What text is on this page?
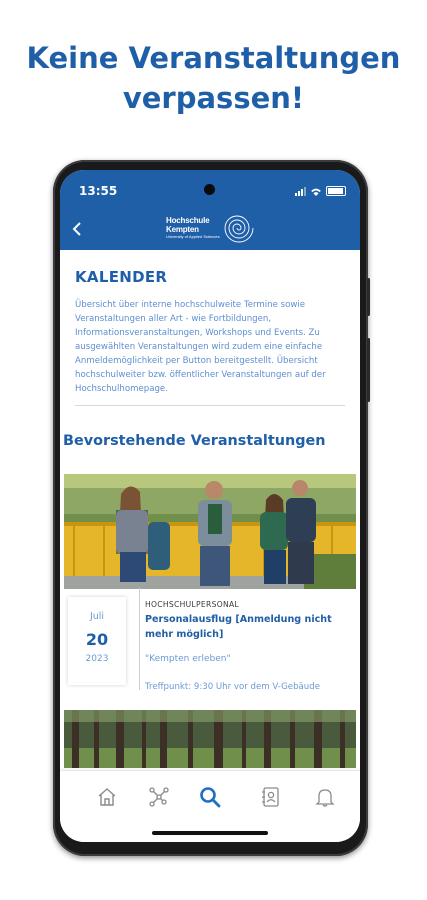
Keine Veranstaltungen
verpassen!
13:55
Hochschule
Kempten
University of Applied Sciences
KALENDER
Übersicht über interne hochschulweite Termine sowie Veranstaltungen aller Art - wie Fortbildungen, Informationsveranstaltungen, Workshops und Events. Zu ausgewählten Veranstaltungen wird zudem eine einfache Anmeldemöglichkeit per Button bereitgestellt. Übersicht hochschulweiter bzw. öffentlicher Veranstaltungen auf der Hochschulhomepage.
Bevorstehende Veranstaltungen
Juli
20
2023
HOCHSCHULPERSONAL
Personalausflug [Anmeldung nicht mehr möglich]
"Kempten erleben"
Treffpunkt: 9:30 Uhr vor dem V-Gebäude
